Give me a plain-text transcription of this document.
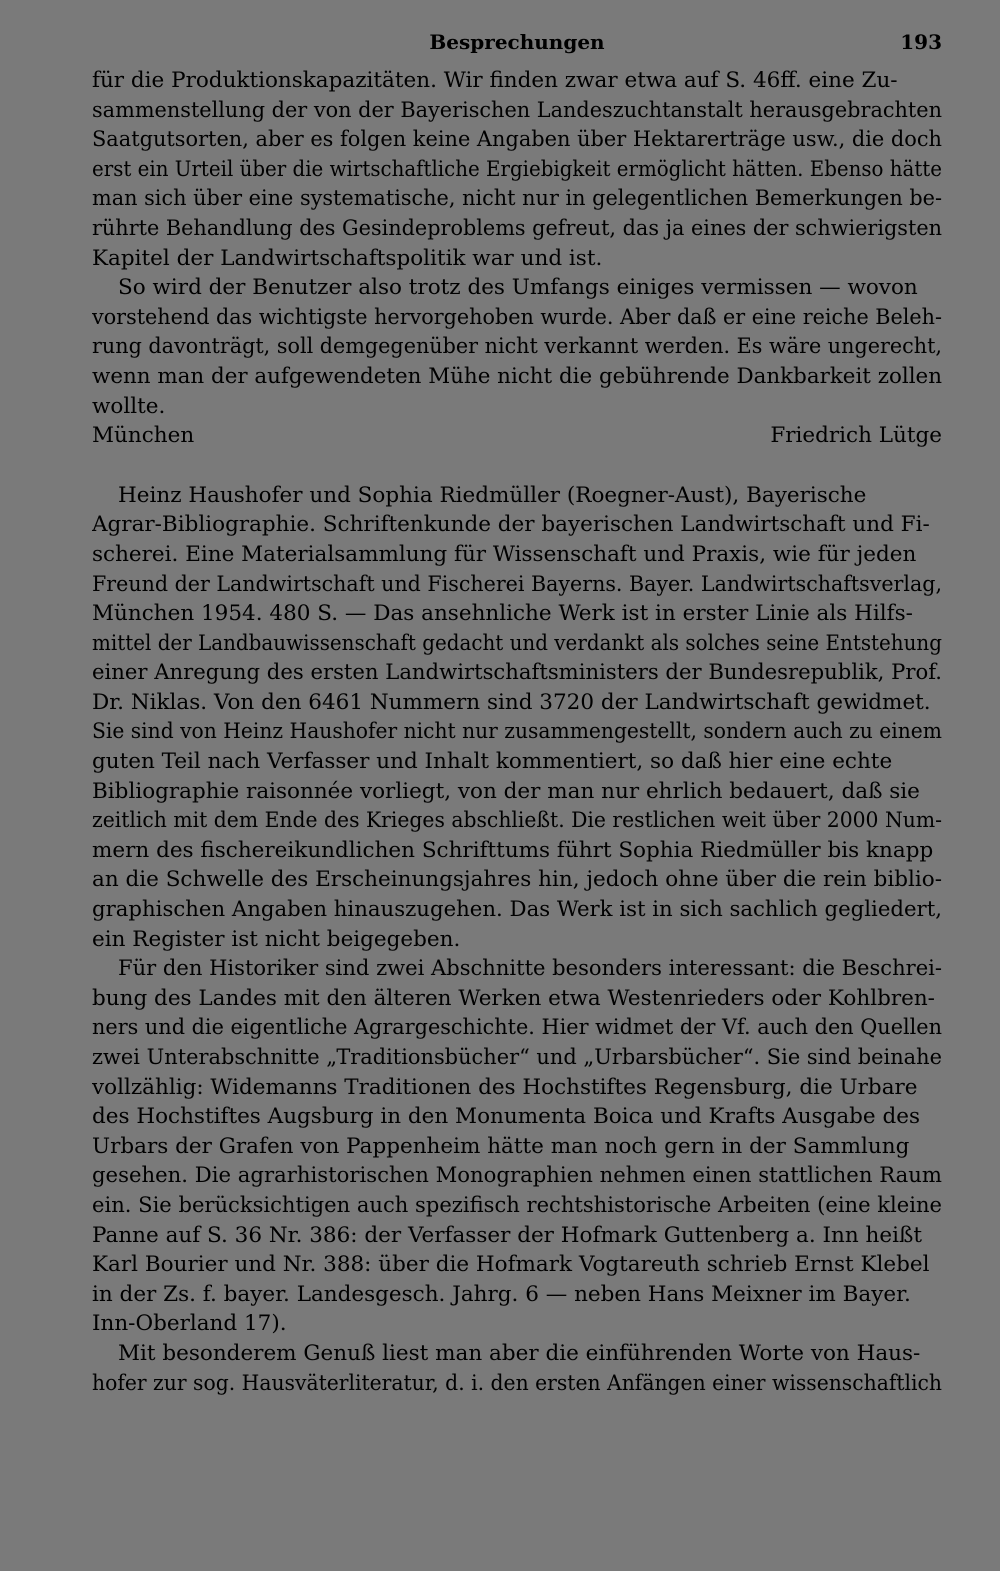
Besprechungen	193
für die Produktionskapazitäten. Wir finden zwar etwa auf S. 46ff. eine Zu-
sammenstellung der von der Bayerischen Landeszuchtanstalt herausgebrachten
Saatgutsorten, aber es folgen keine Angaben über Hektarerträge usw., die doch
erst ein Urteil über die wirtschaftliche Ergiebigkeit ermöglicht hätten. Ebenso hätte
man sich über eine systematische, nicht nur in gelegentlichen Bemerkungen be-
rührte Behandlung des Gesindeproblems gefreut, das ja eines der schwierigsten
Kapitel der Landwirtschaftspolitik war und ist.
So wird der Benutzer also trotz des Umfangs einiges vermissen — wovon
vorstehend das wichtigste hervorgehoben wurde. Aber daß er eine reiche Beleh-
rung davonträgt, soll demgegenüber nicht verkannt werden. Es wäre ungerecht,
wenn man der aufgewendeten Mühe nicht die gebührende Dankbarkeit zollen
wollte.
München	Friedrich Lütge
Heinz Haushofer und Sophia Riedmüller (Roegner-Aust), Bayerische
Agrar-Bibliographie. Schriftenkunde der bayerischen Landwirtschaft und Fi-
scherei. Eine Materialsammlung für Wissenschaft und Praxis, wie für jeden
Freund der Landwirtschaft und Fischerei Bayerns. Bayer. Landwirtschaftsverlag,
München 1954. 480 S. — Das ansehnliche Werk ist in erster Linie als Hilfs-
mittel der Landbauwissenschaft gedacht und verdankt als solches seine Entstehung
einer Anregung des ersten Landwirtschaftsministers der Bundesrepublik, Prof.
Dr. Niklas. Von den 6461 Nummern sind 3720 der Landwirtschaft gewidmet.
Sie sind von Heinz Haushofer nicht nur zusammengestellt, sondern auch zu einem
guten Teil nach Verfasser und Inhalt kommentiert, so daß hier eine echte
Bibliographie raisonnée vorliegt, von der man nur ehrlich bedauert, daß sie
zeitlich mit dem Ende des Krieges abschließt. Die restlichen weit über 2000 Num-
mern des fischereikundlichen Schrifttums führt Sophia Riedmüller bis knapp
an die Schwelle des Erscheinungsjahres hin, jedoch ohne über die rein biblio-
graphischen Angaben hinauszugehen. Das Werk ist in sich sachlich gegliedert,
ein Register ist nicht beigegeben.
Für den Historiker sind zwei Abschnitte besonders interessant: die Beschrei-
bung des Landes mit den älteren Werken etwa Westenrieders oder Kohlbren-
ners und die eigentliche Agrargeschichte. Hier widmet der Vf. auch den Quellen
zwei Unterabschnitte „Traditionsbücher“ und „Urbarsbücher“. Sie sind beinahe
vollzählig: Widemanns Traditionen des Hochstiftes Regensburg, die Urbare
des Hochstiftes Augsburg in den Monumenta Boica und Krafts Ausgabe des
Urbars der Grafen von Pappenheim hätte man noch gern in der Sammlung
gesehen. Die agrarhistorischen Monographien nehmen einen stattlichen Raum
ein. Sie berücksichtigen auch spezifisch rechtshistorische Arbeiten (eine kleine
Panne auf S. 36 Nr. 386: der Verfasser der Hofmark Guttenberg a. Inn heißt
Karl Bourier und Nr. 388: über die Hofmark Vogtareuth schrieb Ernst Klebel
in der Zs. f. bayer. Landesgesch. Jahrg. 6 — neben Hans Meixner im Bayer.
Inn-Oberland 17).
Mit besonderem Genuß liest man aber die einführenden Worte von Haus-
hofer zur sog. Hausväterliteratur, d. i. den ersten Anfängen einer wissenschaftlich
